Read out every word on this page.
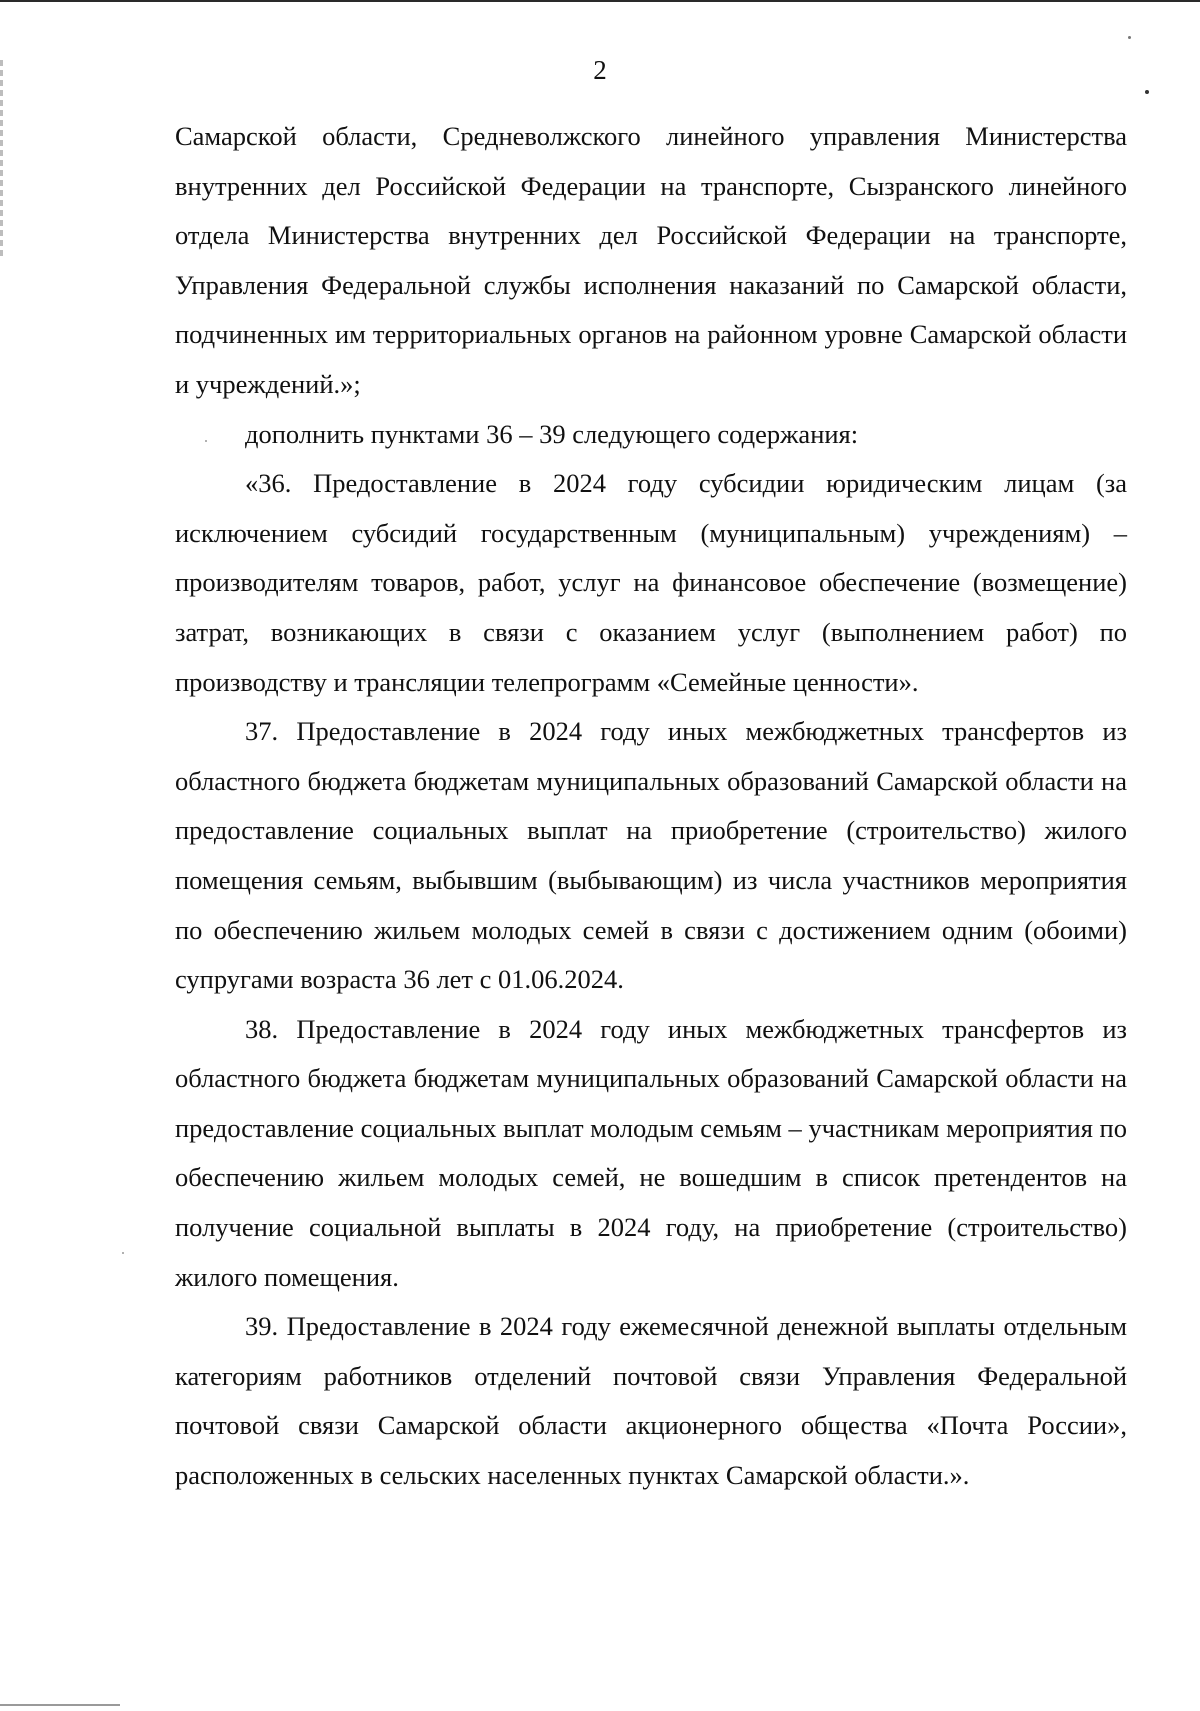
2

Самарской области, Средневолжского линейного управления Министерства внутренних дел Российской Федерации на транспорте, Сызранского линейного отдела Министерства внутренних дел Российской Федерации на транспорте, Управления Федеральной службы исполнения наказаний по Самарской области, подчиненных им территориальных органов на районном уровне Самарской области и учреждений.»;

дополнить пунктами 36 – 39 следующего содержания:

«36. Предоставление в 2024 году субсидии юридическим лицам (за исключением субсидий государственным (муниципальным) учреждениям) – производителям товаров, работ, услуг на финансовое обеспечение (возмещение) затрат, возникающих в связи с оказанием услуг (выполнением работ) по производству и трансляции телепрограмм «Семейные ценности».

37. Предоставление в 2024 году иных межбюджетных трансфертов из областного бюджета бюджетам муниципальных образований Самарской области на предоставление социальных выплат на приобретение (строительство) жилого помещения семьям, выбывшим (выбывающим) из числа участников мероприятия по обеспечению жильем молодых семей в связи с достижением одним (обоими) супругами возраста 36 лет с 01.06.2024.

38. Предоставление в 2024 году иных межбюджетных трансфертов из областного бюджета бюджетам муниципальных образований Самарской области на предоставление социальных выплат молодым семьям – участникам мероприятия по обеспечению жильем молодых семей, не вошедшим в список претендентов на получение социальной выплаты в 2024 году, на приобретение (строительство) жилого помещения.

39. Предоставление в 2024 году ежемесячной денежной выплаты отдельным категориям работников отделений почтовой связи Управления Федеральной почтовой связи Самарской области акционерного общества «Почта России», расположенных в сельских населенных пунктах Самарской области.».
